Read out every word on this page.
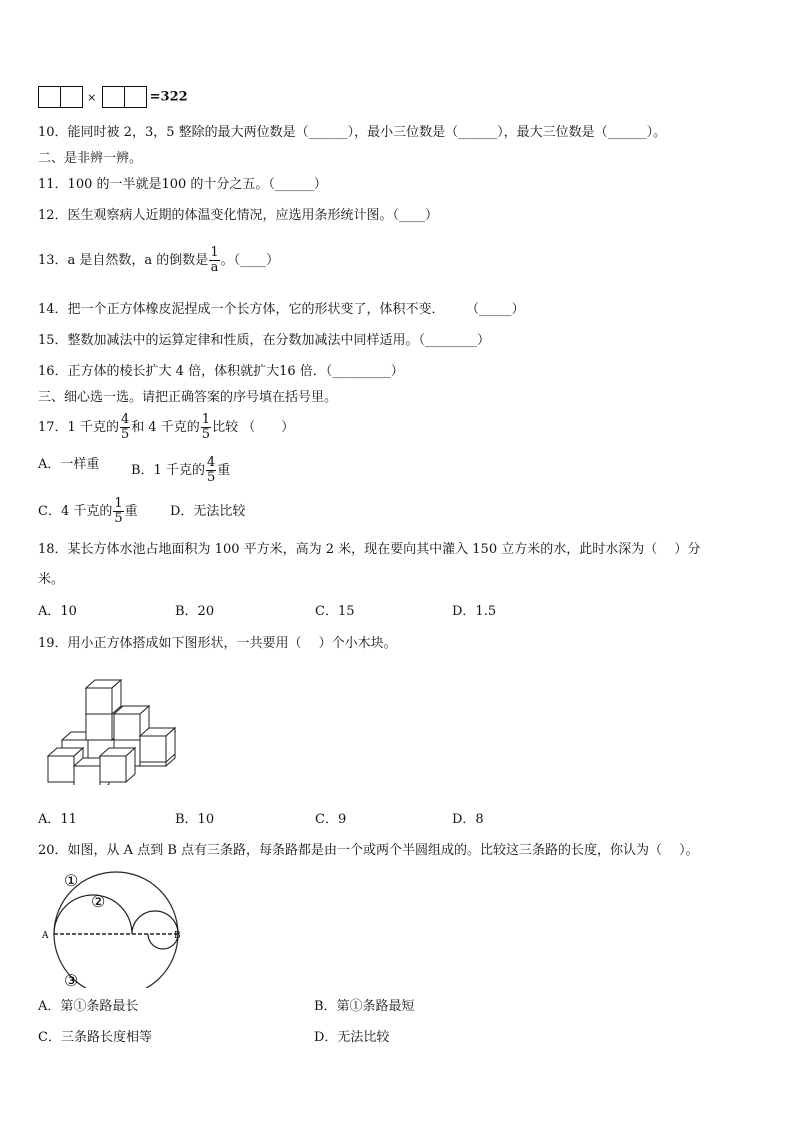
×	=322
10．能同时被 2，3，5 整除的最大两位数是（______），最小三位数是（______），最大三位数是（______）。
二、是非辨一辨。
11．100 的一半就是100 的十分之五。（______）
12．医生观察病人近期的体温变化情况，应选用条形统计图。（____）
13．a 是自然数，a 的倒数是 $\frac{1}{a}$ 。（____）
14．把一个正方体橡皮泥捏成一个长方体，它的形状变了，体积不变． （_____）
15．整数加减法中的运算定律和性质，在分数加减法中同样适用。（________）
16．正方体的棱长扩大 4 倍，体积就扩大16 倍．（_________）
三、细心选一选。请把正确答案的序号填在括号里。
17．1 千克的 $\frac{4}{5}$ 和 4 千克的 $\frac{1}{5}$ 比较 （　　）
A．一样重 B．1 千克的 $\frac{4}{5}$ 重
C．4 千克的 $\frac{1}{5}$ 重 D．无法比较
18．某长方体水池占地面积为 100 平方米，高为 2 米，现在要向其中灌入 150 立方米的水，此时水深为（　 ）分
米。
A．10	B．20	C．15	D．1.5
19．用小正方体搭成如下图形状，一共要用（　 ）个小木块。
A．11	B．10	C．9	D．8
20．如图，从 A 点到 B 点有三条路，每条路都是由一个或两个半圆组成的。比较这三条路的长度，你认为（　 ）。
A	B
①
②
③
A．第①条路最长	B．第①条路最短
C．三条路长度相等	D．无法比较
